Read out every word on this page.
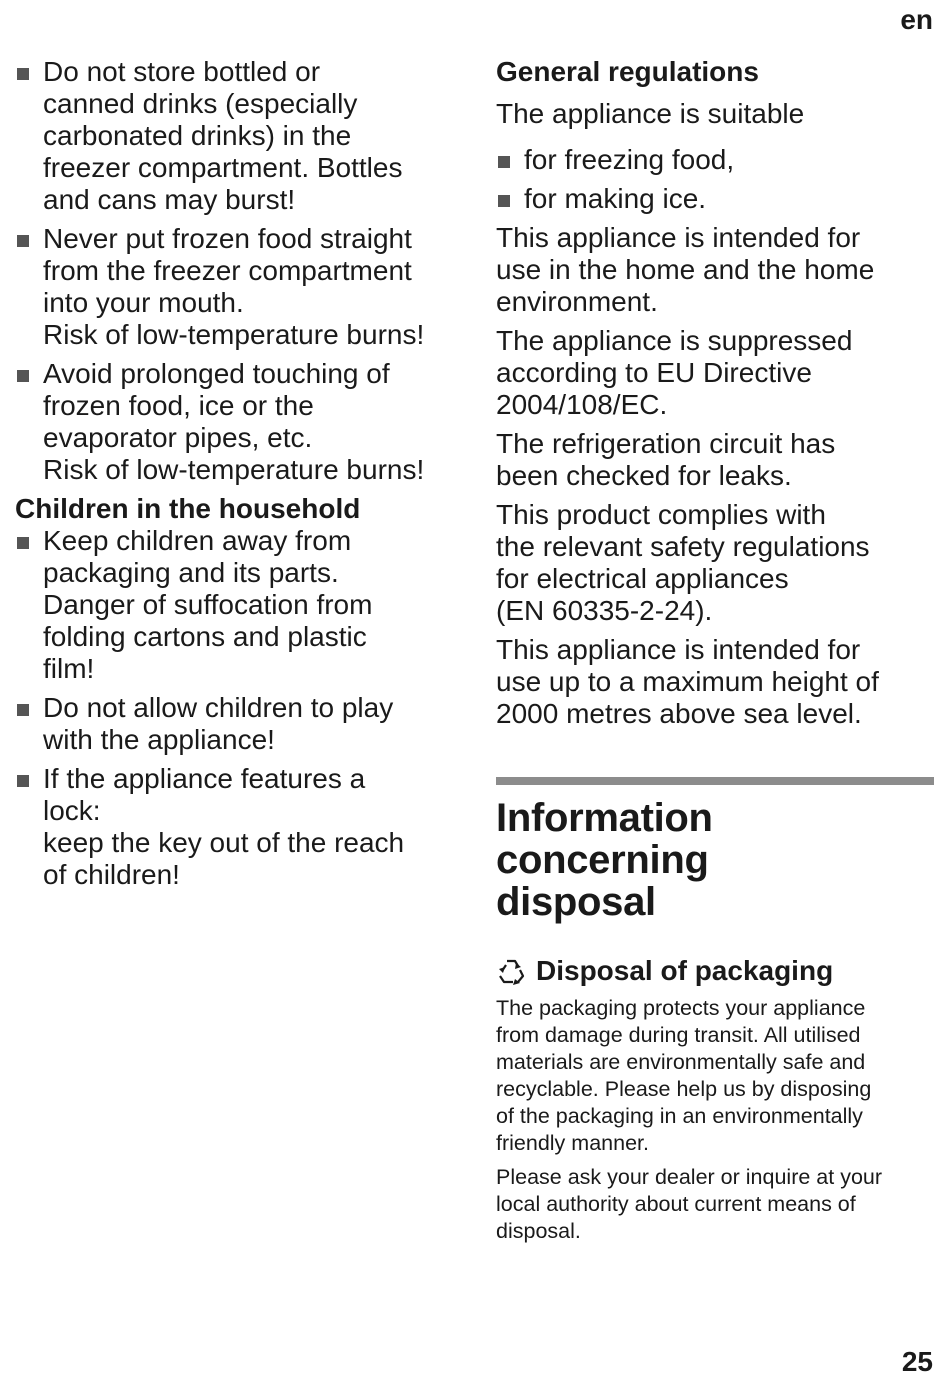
en
Do not store bottled or
canned drinks (especially
carbonated drinks) in the
freezer compartment. Bottles
and cans may burst!
Never put frozen food straight
from the freezer compartment
into your mouth.
Risk of low-temperature burns!
Avoid prolonged touching of
frozen food, ice or the
evaporator pipes, etc.
Risk of low-temperature burns!
Children in the household
Keep children away from
packaging and its parts.
Danger of suffocation from
folding cartons and plastic
film!
Do not allow children to play
with the appliance!
If the appliance features a
lock:
keep the key out of the reach
of children!
General regulations

The appliance is suitable

for freezing food,
for making ice.

This appliance is intended for
use in the home and the home
environment.

The appliance is suppressed
according to EU Directive
2004/108/EC.

The refrigeration circuit has
been checked for leaks.

This product complies with
the relevant safety regulations
for electrical appliances
(EN 60335-2-24).

This appliance is intended for
use up to a maximum height of
2000 metres above sea level.

Information concerning
disposal
Disposal of packaging

The packaging protects your appliance
from damage during transit. All utilised
materials are environmentally safe and
recyclable. Please help us by disposing
of the packaging in an environmentally
friendly manner.

Please ask your dealer or inquire at your
local authority about current means of
disposal.

25
